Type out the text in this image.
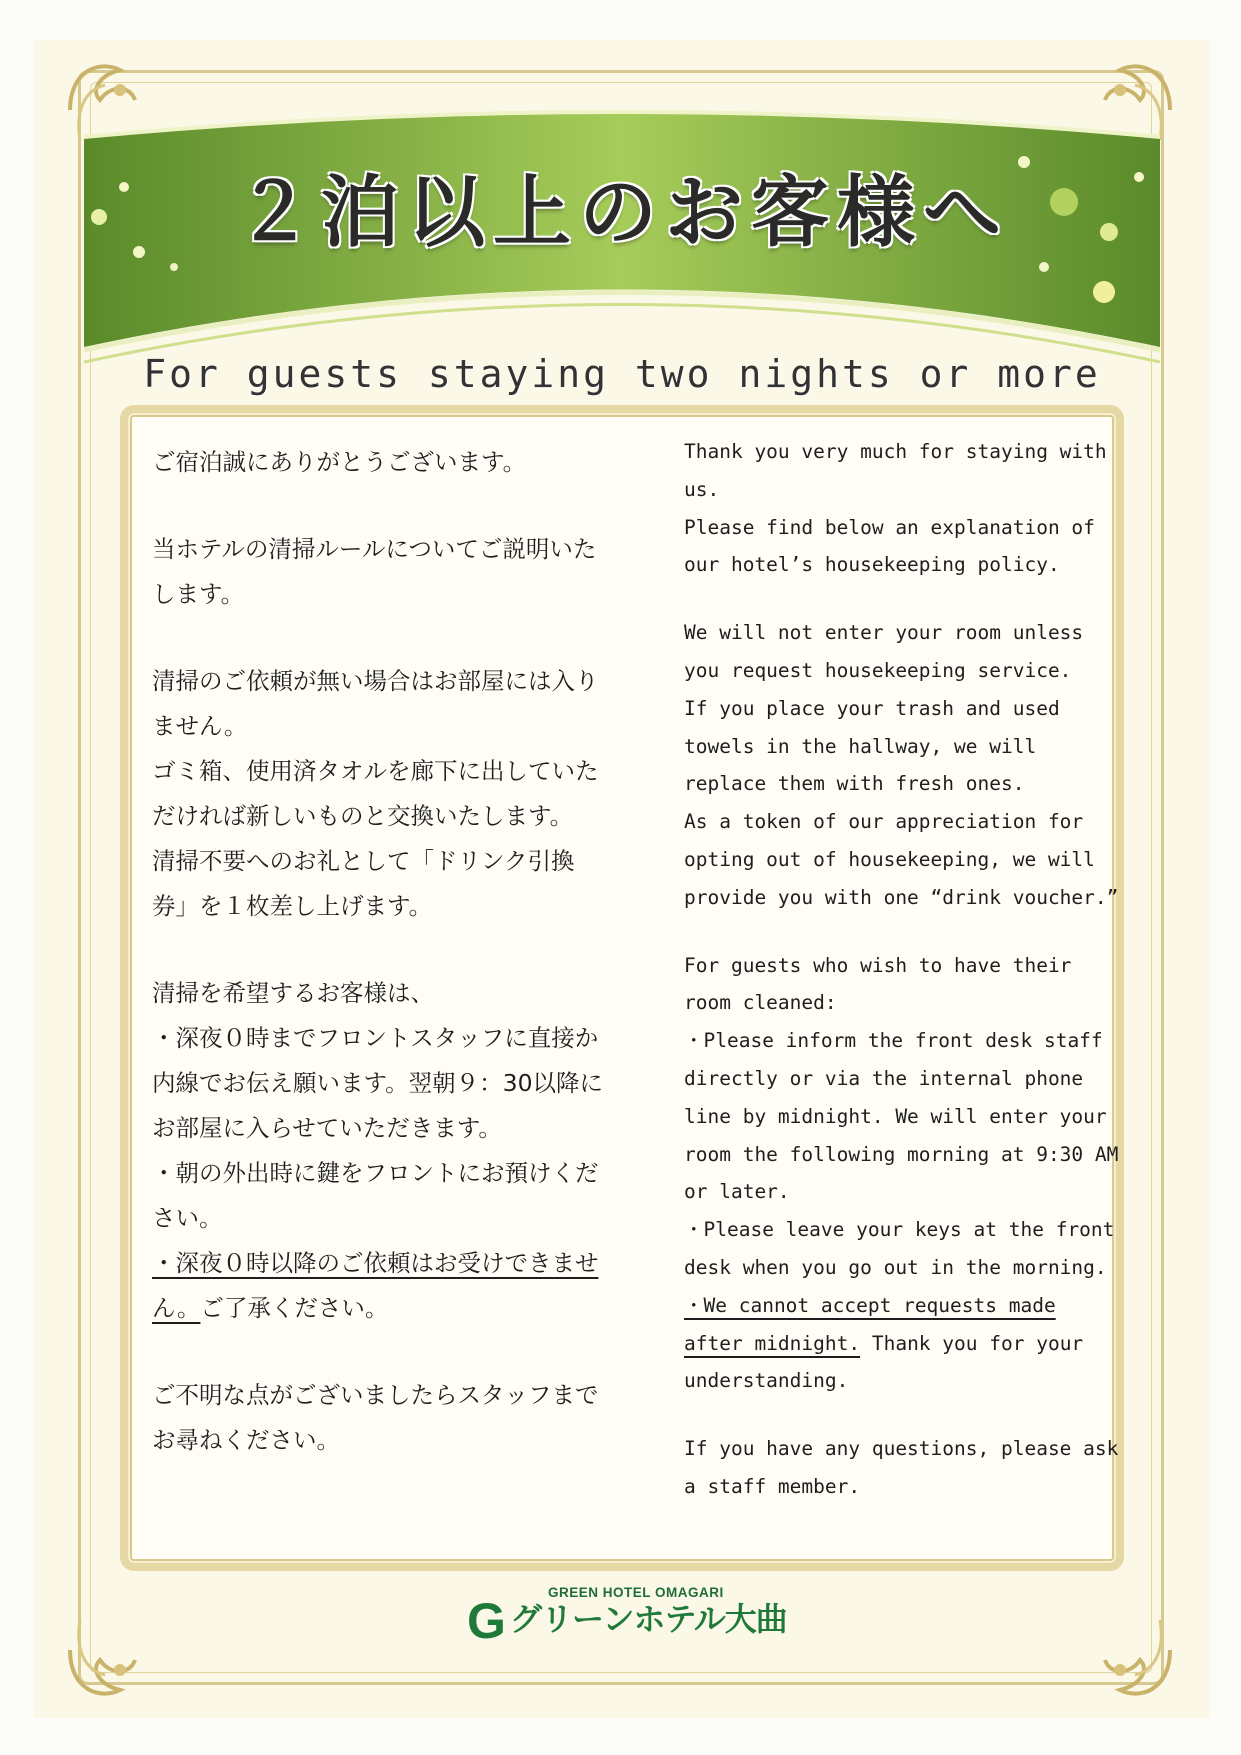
２泊以上のお客様へ
For guests staying two nights or more
ご宿泊誠にありがとうございます。
当ホテルの清掃ルールについてご説明いた
します。
清掃のご依頼が無い場合はお部屋には入り
ません。
ゴミ箱、使用済タオルを廊下に出していた
だければ新しいものと交換いたします。
清掃不要へのお礼として「ドリンク引換
券」を１枚差し上げます。
清掃を希望するお客様は、
・深夜０時までフロントスタッフに直接か
内線でお伝え願います。翌朝９：30以降に
お部屋に入らせていただきます。
・朝の外出時に鍵をフロントにお預けくだ
さい。
・深夜０時以降のご依頼はお受けできませ
ん。ご了承ください。
ご不明な点がございましたらスタッフまで
お尋ねください。
Thank you very much for staying with
us.
Please find below an explanation of
our hotel’s housekeeping policy.
We will not enter your room unless
you request housekeeping service.
If you place your trash and used
towels in the hallway, we will
replace them with fresh ones.
As a token of our appreciation for
opting out of housekeeping, we will
provide you with one “drink voucher.”
For guests who wish to have their
room cleaned:
・Please inform the front desk staff
directly or via the internal phone
line by midnight. We will enter your
room the following morning at 9:30 AM
or later.
・Please leave your keys at the front
desk when you go out in the morning.
・We cannot accept requests made
after midnight. Thank you for your
understanding.
If you have any questions, please ask
a staff member.
GREEN HOTEL OMAGARI
G グリーンホテル大曲
